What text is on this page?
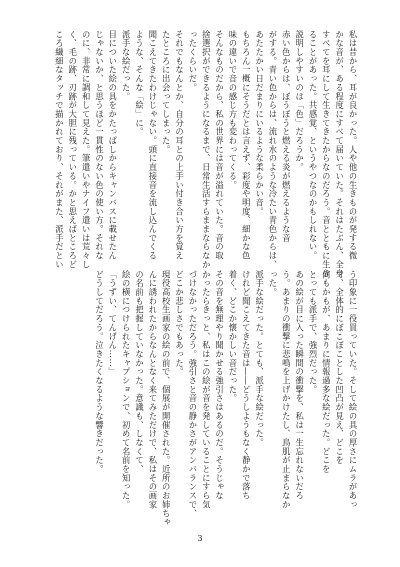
私は昔から、耳が良かった。人や他の生きものが発する微
かな音が、ある程度にすべて届いていた。それはたぶん、全身
すべてを耳にして生きてきたからなのだろう。音とともに生き
ることがあった。共感覚、というやつなのかもしれない。
説明しやすいのは「色」だろうか。
赤い色からは、ぼうぼうと燃える炎が燃えるような音
がする。青い色からは、流れ水のような冷たい青色からは、
あたたかい日だまりにいるような柔らかい音。
もちろん一概にそうだとは言えず、彩度や明度、細かな色
味の違いで音の感じ方も変わってくる。
そんなものだから、私の世界には音が溢れていた。音の取
捨選択ができるようになるまで、日常生活すらままならなか
ったくらいだ。
それでもなんとか、自分の耳との上手い付き合い方を覚え
たところに出会ってしまった。
聞こえてきたわけじゃない。頭に直接音を流し込んでくる
ような、そんな「絵」に。
派手な絵だった。
目についた絵の具をかたっぱしからキャンバスに載せたん
じゃないか、と思うほど一貫性のない色の使い方。それな
のに、非常に調和して見えた。筆遣いやナイフ遣いは荒々し
く、毛の跡、刃跡が大胆に残っている。かと思えばところど
ころ繊細なタッチで描かれており、それがまた、派手だとい
う印象に一役買っていた。そして絵の具の厚さにムラがあっ
て、全体的にぼこぼことした凹凸が見え、どこを
何もかもが、あまりに情報過多な絵だった。どこを
とっても派手で、強烈だった。
あの絵が目に入った瞬間の衝撃を、私は一生忘れないだろ
う。あまりの衝撃に悲鳴を上げかけたし、鳥肌が止まらなか
った。
派手な絵だった。とても、派手な絵だった。
けれど聞こえてきた音は――どうしようもなく静かで落ち
着く、どこか懐かしい音だった。
その音を無理やり聞かせる強引さはあるのだ。そうじゃな
かったらきっと、私はこの絵が音を発していることにすら気
づけなかっただろう。強引さと音の静かさがアンバランスで、
どこか悲しさでもあった。
現役高校生画家の絵の前で、個展が開催された。近所のお姉ちゃ
んに誘われたからなんとなく来てみただけで、私はその画家
の名前も把握していなかった。意識も、しなくて、
絵の横につけられたキャプションで、初めて名前を知った。
「うずい、てんげん……」
どうしてだろう。泣きたくなるような響きだった。
3
